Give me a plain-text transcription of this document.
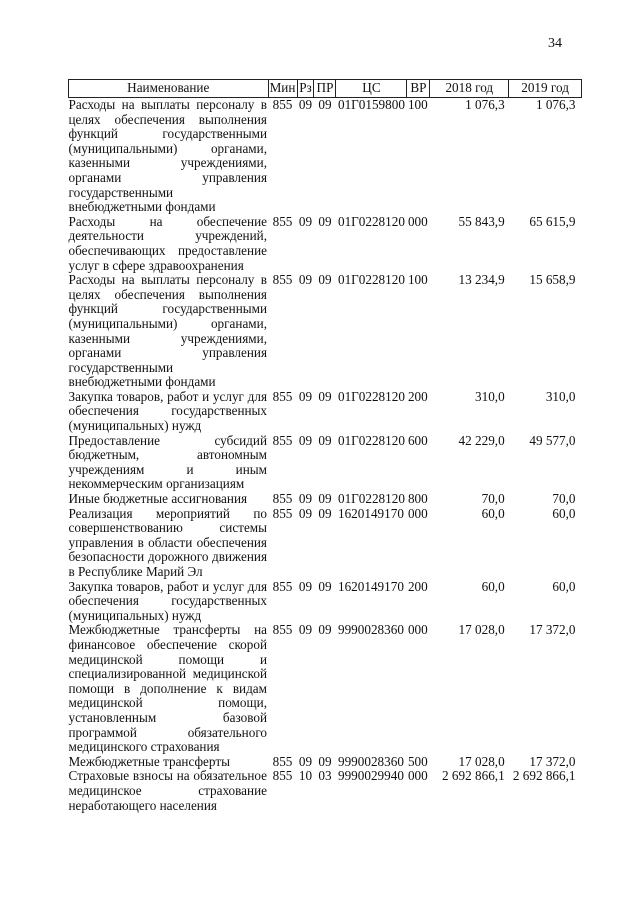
34
Наименование	Мин	Рз	ПР	ЦС	ВР	2018 год	2019 год
Расходы на выплаты персоналу в целях обеспечения выполнения функций государственными (муниципальными) органами, казенными учреждениями, органами управления государственными внебюджетными фондами	855	09	09	01Г0159800	100	1 076,3	1 076,3
Расходы на обеспечение деятельности учреждений, обеспечивающих предоставление услуг в сфере здравоохранения	855	09	09	01Г0228120	000	55 843,9	65 615,9
Расходы на выплаты персоналу в целях обеспечения выполнения функций государственными (муниципальными) органами, казенными учреждениями, органами управления государственными внебюджетными фондами	855	09	09	01Г0228120	100	13 234,9	15 658,9
Закупка товаров, работ и услуг для обеспечения государственных (муниципальных) нужд	855	09	09	01Г0228120	200	310,0	310,0
Предоставление субсидий бюджетным, автономным учреждениям и иным некоммерческим организациям	855	09	09	01Г0228120	600	42 229,0	49 577,0
Иные бюджетные ассигнования	855	09	09	01Г0228120	800	70,0	70,0
Реализация мероприятий по совершенствованию системы управления в области обеспечения безопасности дорожного движения в Республике Марий Эл	855	09	09	1620149170	000	60,0	60,0
Закупка товаров, работ и услуг для обеспечения государственных (муниципальных) нужд	855	09	09	1620149170	200	60,0	60,0
Межбюджетные трансферты на финансовое обеспечение скорой медицинской помощи и специализированной медицинской помощи в дополнение к видам медицинской помощи, установленным базовой программой обязательного медицинского страхования	855	09	09	9990028360	000	17 028,0	17 372,0
Межбюджетные трансферты	855	09	09	9990028360	500	17 028,0	17 372,0
Страховые взносы на обязательное медицинское страхование неработающего населения	855	10	03	9990029940	000	2 692 866,1	2 692 866,1
